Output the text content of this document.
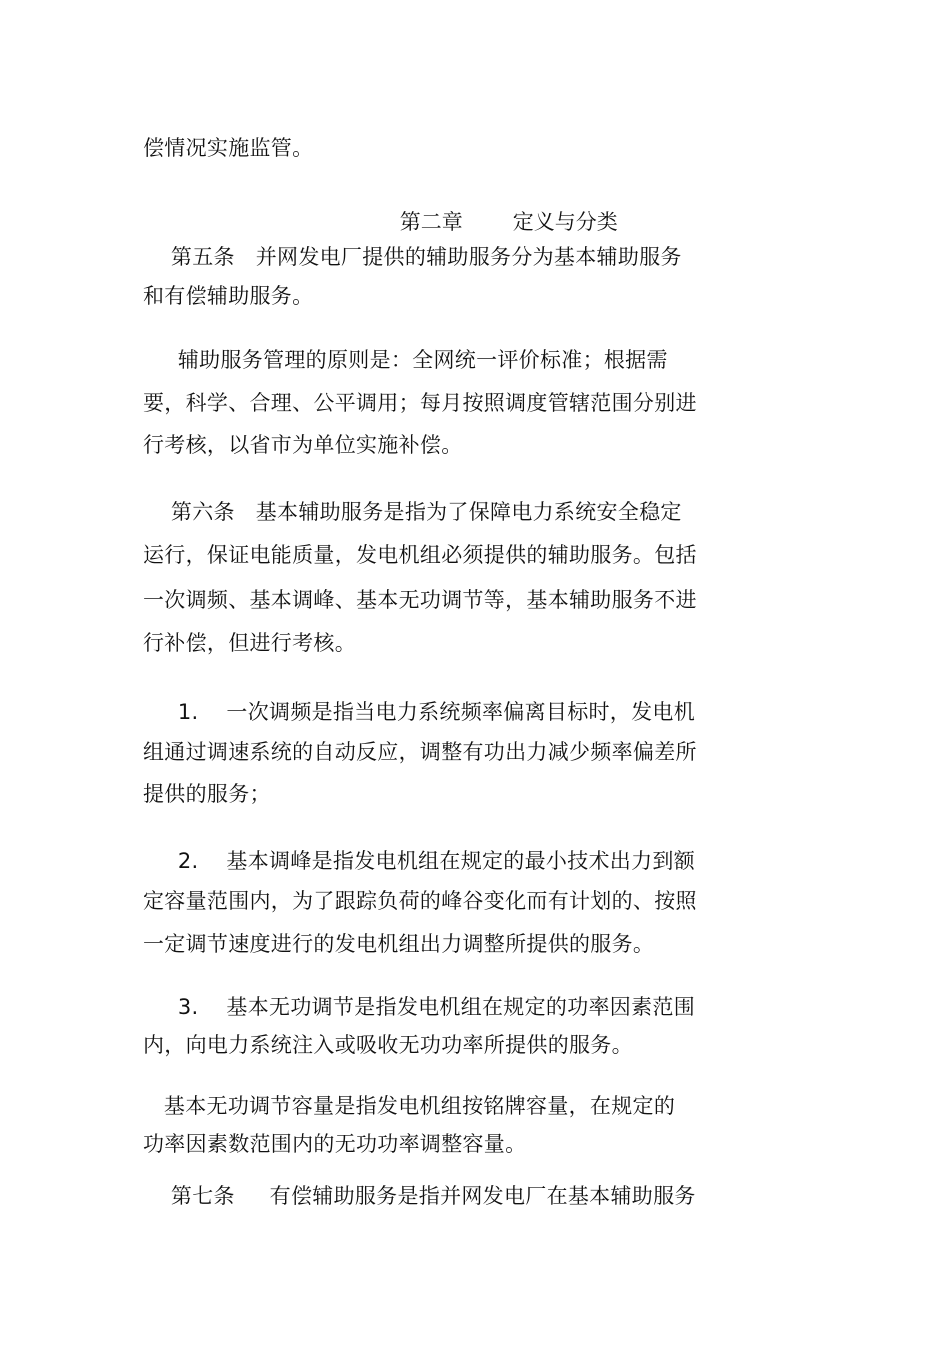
偿情况实施监管。

第二章 定义与分类

第五条   并网发电厂提供的辅助服务分为基本辅助服务
和有偿辅助服务。
辅助服务管理的原则是：全网统一评价标准；根据需
要，科学、合理、公平调用；每月按照调度管辖范围分别进
行考核，以省市为单位实施补偿。
第六条   基本辅助服务是指为了保障电力系统安全稳定
运行，保证电能质量，发电机组必须提供的辅助服务。包括
一次调频、基本调峰、基本无功调节等，基本辅助服务不进
行补偿，但进行考核。
1.    一次调频是指当电力系统频率偏离目标时，发电机
组通过调速系统的自动反应，调整有功出力减少频率偏差所
提供的服务；
2.    基本调峰是指发电机组在规定的最小技术出力到额
定容量范围内，为了跟踪负荷的峰谷变化而有计划的、按照
一定调节速度进行的发电机组出力调整所提供的服务。
3.    基本无功调节是指发电机组在规定的功率因素范围
内，向电力系统注入或吸收无功功率所提供的服务。
基本无功调节容量是指发电机组按铭牌容量，在规定的
功率因素数范围内的无功功率调整容量。
第七条     有偿辅助服务是指并网发电厂在基本辅助服务
